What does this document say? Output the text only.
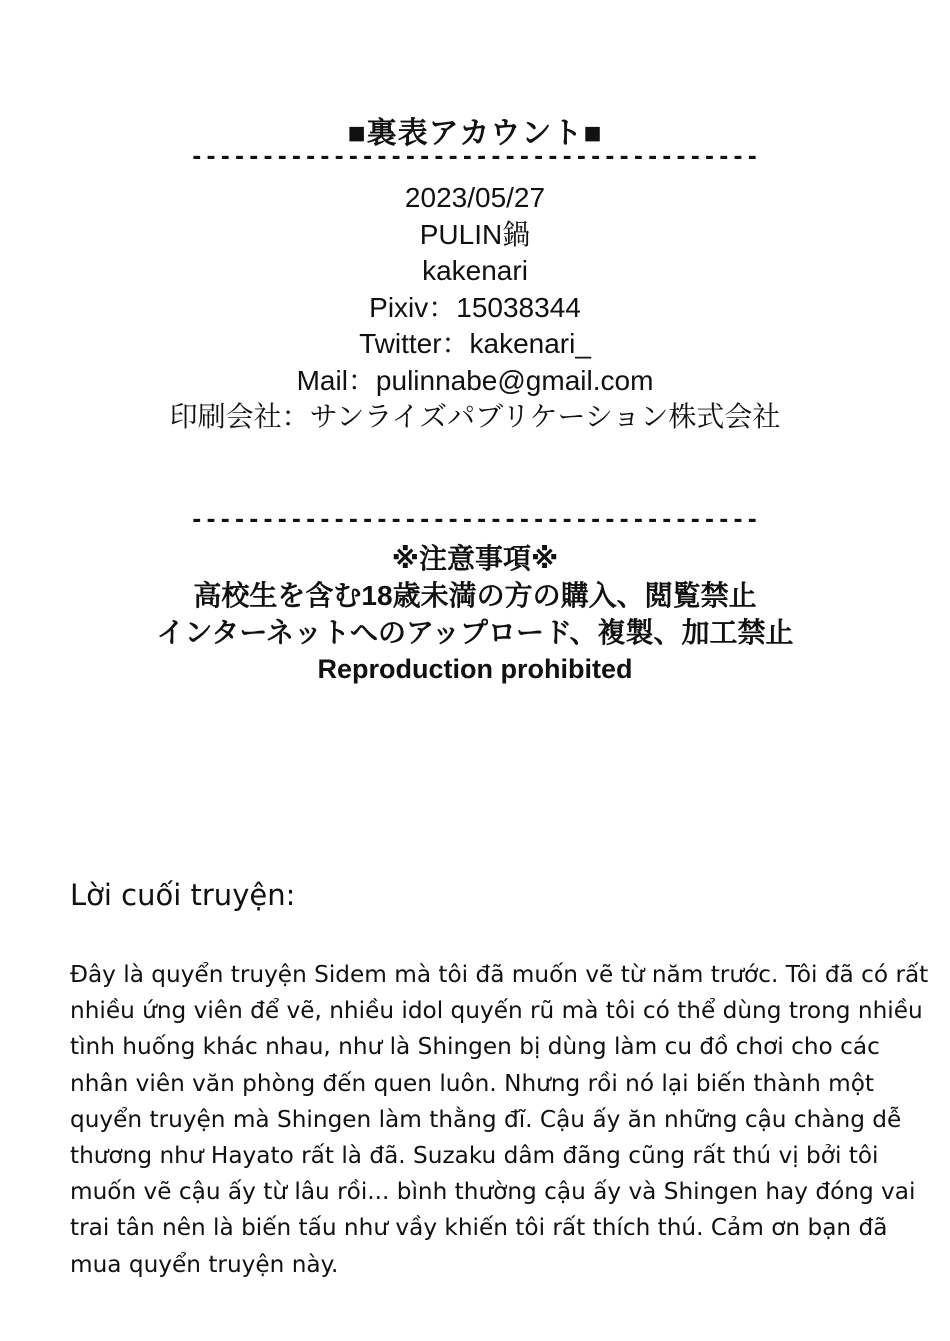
■裏表アカウント■
----------------------------------------
2023/05/27
PULIN鍋
kakenari
Pixiv：15038344
Twitter：kakenari_
Mail：pulinnabe@gmail.com
印刷会社：サンライズパブリケーション株式会社
----------------------------------------
※注意事項※
高校生を含む18歳未満の方の購入、閲覧禁止
インターネットへのアップロード、複製、加工禁止
Reproduction prohibited
Lời cuối truyện:
Đây là quyển truyện Sidem mà tôi đã muốn vẽ từ năm trước. Tôi đã có rất
nhiều ứng viên để vẽ, nhiều idol quyến rũ mà tôi có thể dùng trong nhiều
tình huống khác nhau, như là Shingen bị dùng làm cu đồ chơi cho các
nhân viên văn phòng đến quen luôn. Nhưng rồi nó lại biến thành một
quyển truyện mà Shingen làm thằng đĩ. Cậu ấy ăn những cậu chàng dễ
thương như Hayato rất là đã. Suzaku dâm đãng cũng rất thú vị bởi tôi
muốn vẽ cậu ấy từ lâu rồi... bình thường cậu ấy và Shingen hay đóng vai
trai tân nên là biến tấu như vầy khiến tôi rất thích thú. Cảm ơn bạn đã
mua quyển truyện này.
